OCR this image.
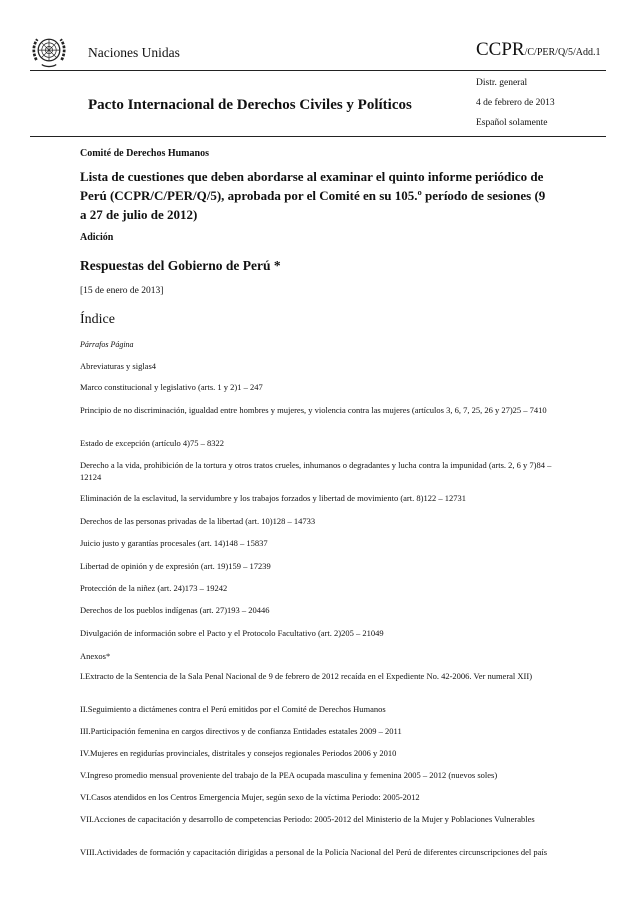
Naciones Unidas	CCPR/C/PER/Q/5/Add.1
Distr. general
4 de febrero de 2013
Español solamente
Pacto Internacional de Derechos Civiles y Políticos
Comité de Derechos Humanos
Lista de cuestiones que deben abordarse al examinar el quinto informe periódico de Perú (CCPR/C/PER/Q/5), aprobada por el Comité en su 105.º período de sesiones (9 a 27 de julio de 2012)
Adición
Respuestas del Gobierno de Perú *
[15 de enero de 2013]
Índice
Párrafos Página
Abreviaturas y siglas4
Marco constitucional y legislativo (arts. 1 y 2)1 – 247
Principio de no discriminación, igualdad entre hombres y mujeres, y violencia contra las mujeres (artículos 3, 6, 7, 25, 26 y 27)25 – 7410
Estado de excepción (artículo 4)75 – 8322
Derecho a la vida, prohibición de la tortura y otros tratos crueles, inhumanos o degradantes y lucha contra la impunidad (arts. 2, 6 y 7)84 – 12124
Eliminación de la esclavitud, la servidumbre y los trabajos forzados y libertad de movimiento (art. 8)122 – 12731
Derechos de las personas privadas de la libertad (art. 10)128 – 14733
Juicio justo y garantías procesales (art. 14)148 – 15837
Libertad de opinión y de expresión (art. 19)159 – 17239
Protección de la niñez (art. 24)173 – 19242
Derechos de los pueblos indígenas (art. 27)193 – 20446
Divulgación de información sobre el Pacto y el Protocolo Facultativo (art. 2)205 – 21049
Anexos*
I.Extracto de la Sentencia de la Sala Penal Nacional de 9 de febrero de 2012 recaída en el Expediente No. 42-2006. Ver numeral XII)
II.Seguimiento a dictámenes contra el Perú emitidos por el Comité de Derechos Humanos
III.Participación femenina en cargos directivos y de confianza Entidades estatales 2009 – 2011
IV.Mujeres en regidurías provinciales, distritales y consejos regionales Periodos 2006 y 2010
V.Ingreso promedio mensual proveniente del trabajo de la PEA ocupada masculina y femenina 2005 – 2012 (nuevos soles)
VI.Casos atendidos en los Centros Emergencia Mujer, según sexo de la víctima Periodo: 2005-2012
VII.Acciones de capacitación y desarrollo de competencias Periodo: 2005-2012 del Ministerio de la Mujer y Poblaciones Vulnerables
VIII.Actividades de formación y capacitación dirigidas a personal de la Policía Nacional del Perú de diferentes circunscripciones del país
